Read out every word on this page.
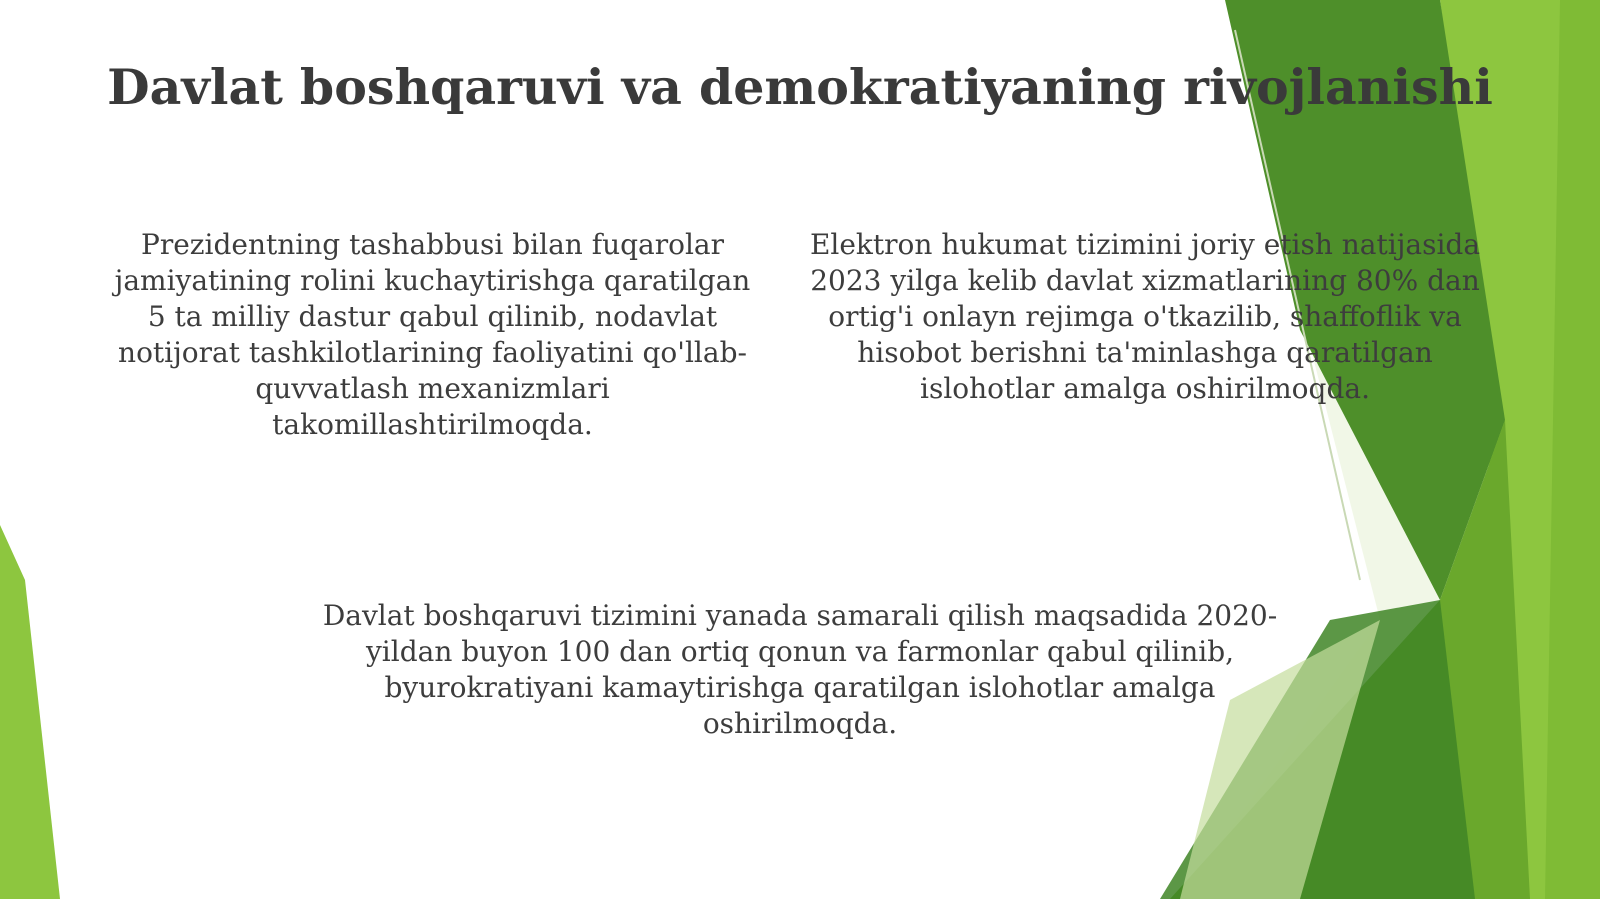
Davlat boshqaruvi va demokratiyaning rivojlanishi

Prezidentning tashabbusi bilan fuqarolar jamiyatining rolini kuchaytirishga qaratilgan 5 ta milliy dastur qabul qilinib, nodavlat notijorat tashkilotlarining faoliyatini qo'llab-quvvatlash mexanizmlari takomillashtirilmoqda.

Elektron hukumat tizimini joriy etish natijasida 2023 yilga kelib davlat xizmatlarining 80% dan ortig'i onlayn rejimga o'tkazilib, shaffoflik va hisobot berishni ta'minlashga qaratilgan islohotlar amalga oshirilmoqda.

Davlat boshqaruvi tizimini yanada samarali qilish maqsadida 2020-yildan buyon 100 dan ortiq qonun va farmonlar qabul qilinib, byurokratiyani kamaytirishga qaratilgan islohotlar amalga oshirilmoqda.
